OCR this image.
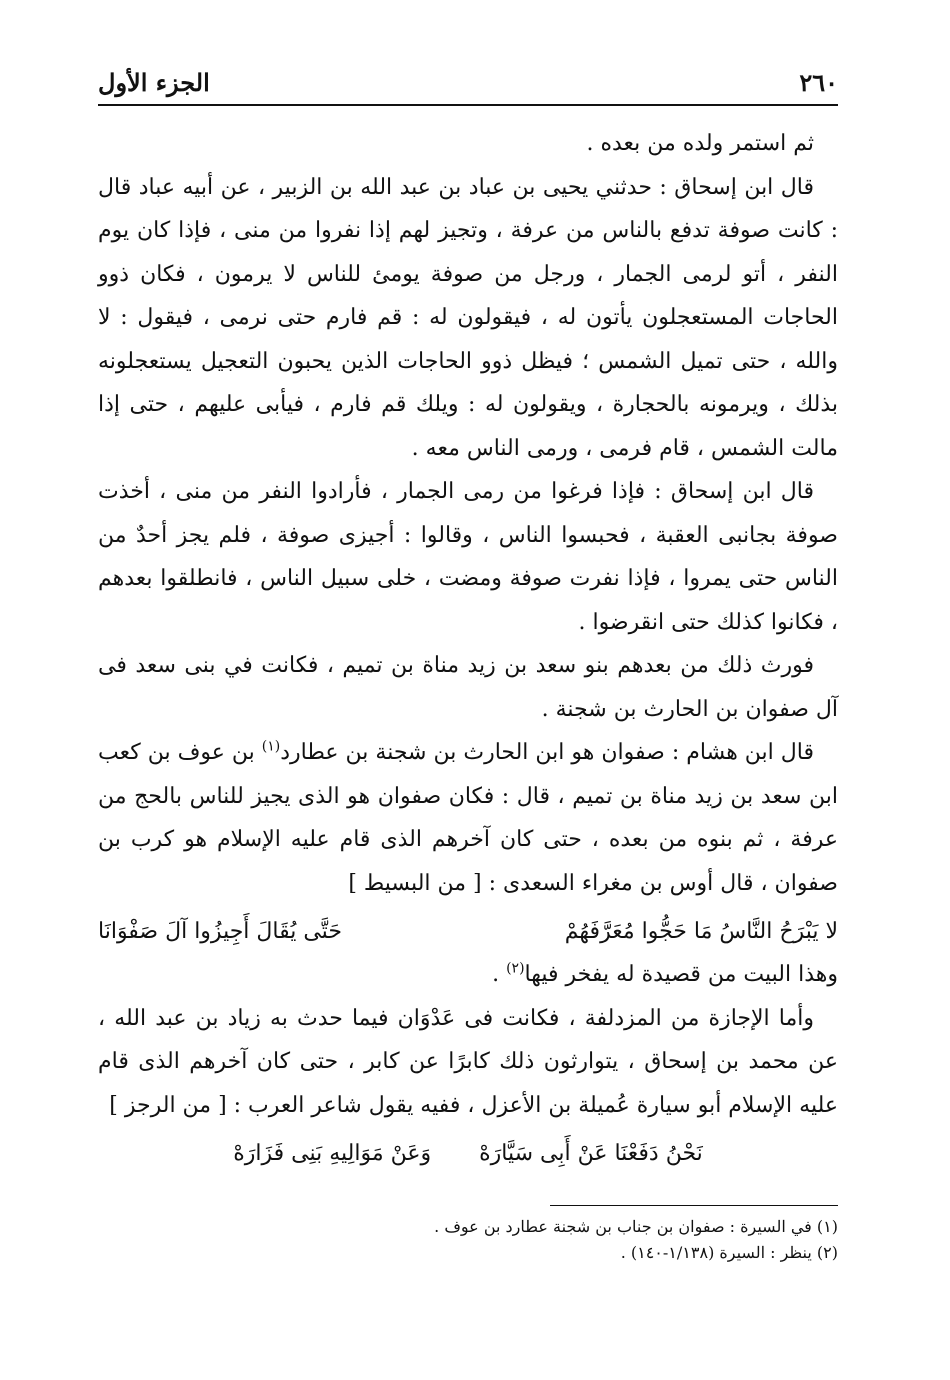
٢٦٠
الجزء الأول

ثم استمر ولده من بعده .

قال ابن إسحاق : حدثني يحيى بن عباد بن عبد الله بن الزبير ، عن أبيه عباد قال : كانت صوفة تدفع بالناس من عرفة ، وتجيز لهم إذا نفروا من منى ، فإذا كان يوم النفر ، أتو لرمى الجمار ، ورجل من صوفة يومئ للناس لا يرمون ، فكان ذوو الحاجات المستعجلون يأتون له ، فيقولون له : قم فارم حتى نرمى ، فيقول : لا والله ، حتى تميل الشمس ؛ فيظل ذوو الحاجات الذين يحبون التعجيل يستعجلونه بذلك ، ويرمونه بالحجارة ، ويقولون له : ويلك قم فارم ، فيأبى عليهم ، حتى إذا مالت الشمس ، قام فرمى ، ورمى الناس معه .

قال ابن إسحاق : فإذا فرغوا من رمى الجمار ، فأرادوا النفر من منى ، أخذت صوفة بجانبى العقبة ، فحبسوا الناس ، وقالوا : أجيزى صوفة ، فلم يجز أحدٌ من الناس حتى يمروا ، فإذا نفرت صوفة ومضت ، خلى سبيل الناس ، فانطلقوا بعدهم ، فكانوا كذلك حتى انقرضوا .

فورث ذلك من بعدهم بنو سعد بن زيد مناة بن تميم ، فكانت في بنى سعد فى آل صفوان بن الحارث بن شجنة .

قال ابن هشام : صفوان هو ابن الحارث بن شجنة بن عطارد$^{(١)}$ بن عوف بن كعب ابن سعد بن زيد مناة بن تميم ، قال : فكان صفوان هو الذى يجيز للناس بالحج من عرفة ، ثم بنوه من بعده ، حتى كان آخرهم الذى قام عليه الإسلام هو كرب بن صفوان ، قال أوس بن مغراء السعدى : [ من البسيط ]

لا يَبْرَحُ النَّاسُ مَا حَجُّوا مُعَرَّفَهُمْ
حَتَّى يُقَالَ أَجِيزُوا آلَ صَفْوَانَا

وهذا البيت من قصيدة له يفخر فيها$^{(٢)}$ .

وأما الإجازة من المزدلفة ، فكانت فى عَدْوَان فيما حدث به زياد بن عبد الله ، عن محمد بن إسحاق ، يتوارثون ذلك كابرًا عن كابر ، حتى كان آخرهم الذى قام عليه الإسلام أبو سيارة عُميلة بن الأعزل ، ففيه يقول شاعر العرب : [ من الرجز ]

نَحْنُ دَفَعْنَا عَنْ أَبِى سَيَّارَهْ
وَعَنْ مَوَالِيهِ بَنِى فَزَارَهْ

(١) في السيرة : صفوان بن جناب بن شجنة عطارد بن عوف .

(٢) ينظر : السيرة (١/١٣٨-١٤٠) .
